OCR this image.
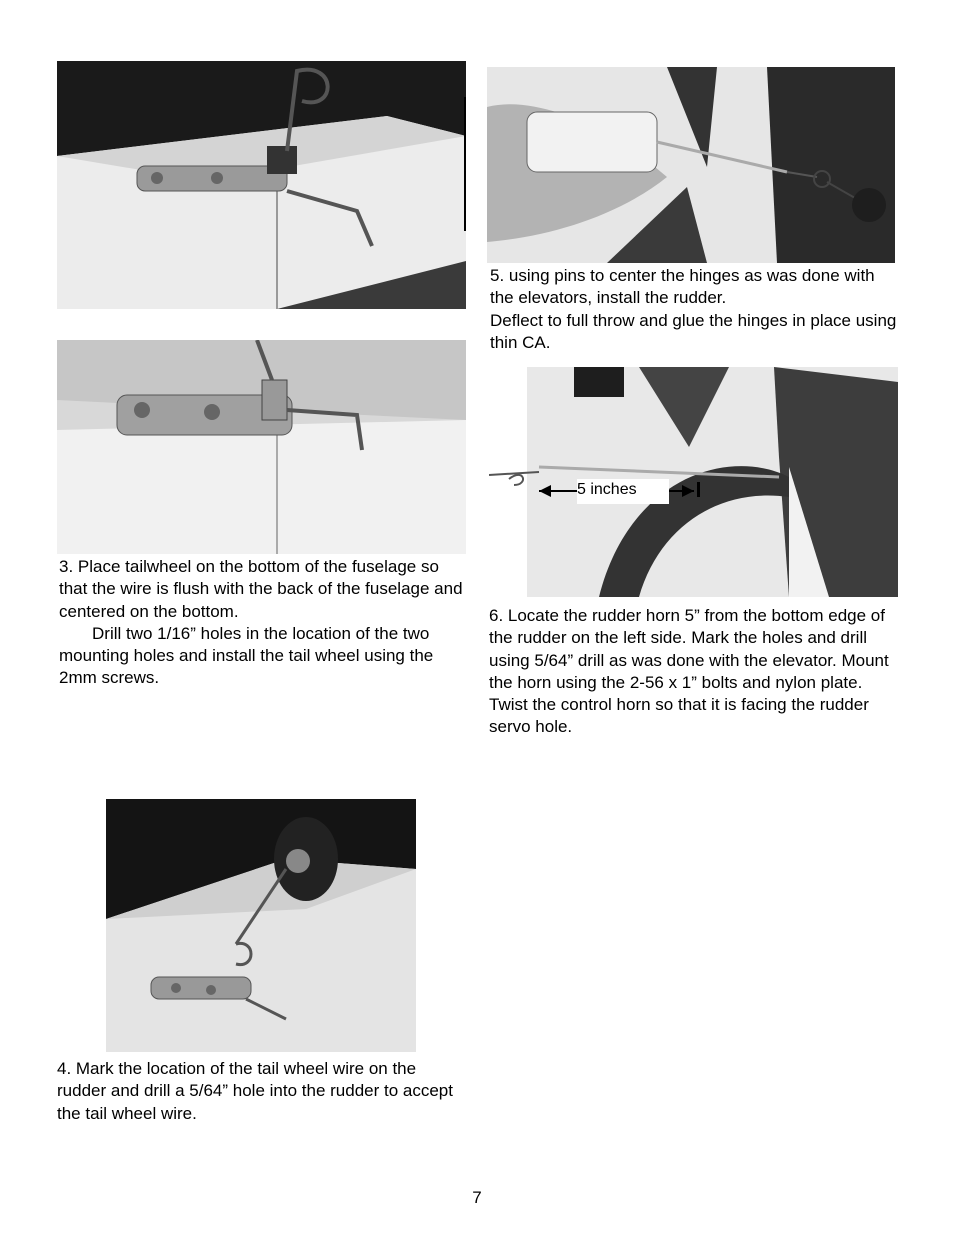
3. Place tailwheel on the bottom of the fuselage so that the wire is flush with the back of the fuselage and centered on the bottom.

Drill two 1/16” holes in the location of the two mounting holes and install the tail wheel using the 2mm screws.

4. Mark the location of the tail wheel wire on the rudder and drill a 5/64” hole into the rudder to accept the tail wheel wire.

5. using pins to center the hinges as was done with the elevators, install the rudder.

Deflect to full throw and glue the hinges in place using thin CA.

5 inches

6. Locate the rudder horn 5” from the bottom edge of the rudder on the left side. Mark the holes and drill using 5/64” drill as was done with the elevator. Mount the horn using the 2-56 x 1” bolts and nylon plate. Twist the control horn so that it is facing the rudder servo hole.

7
